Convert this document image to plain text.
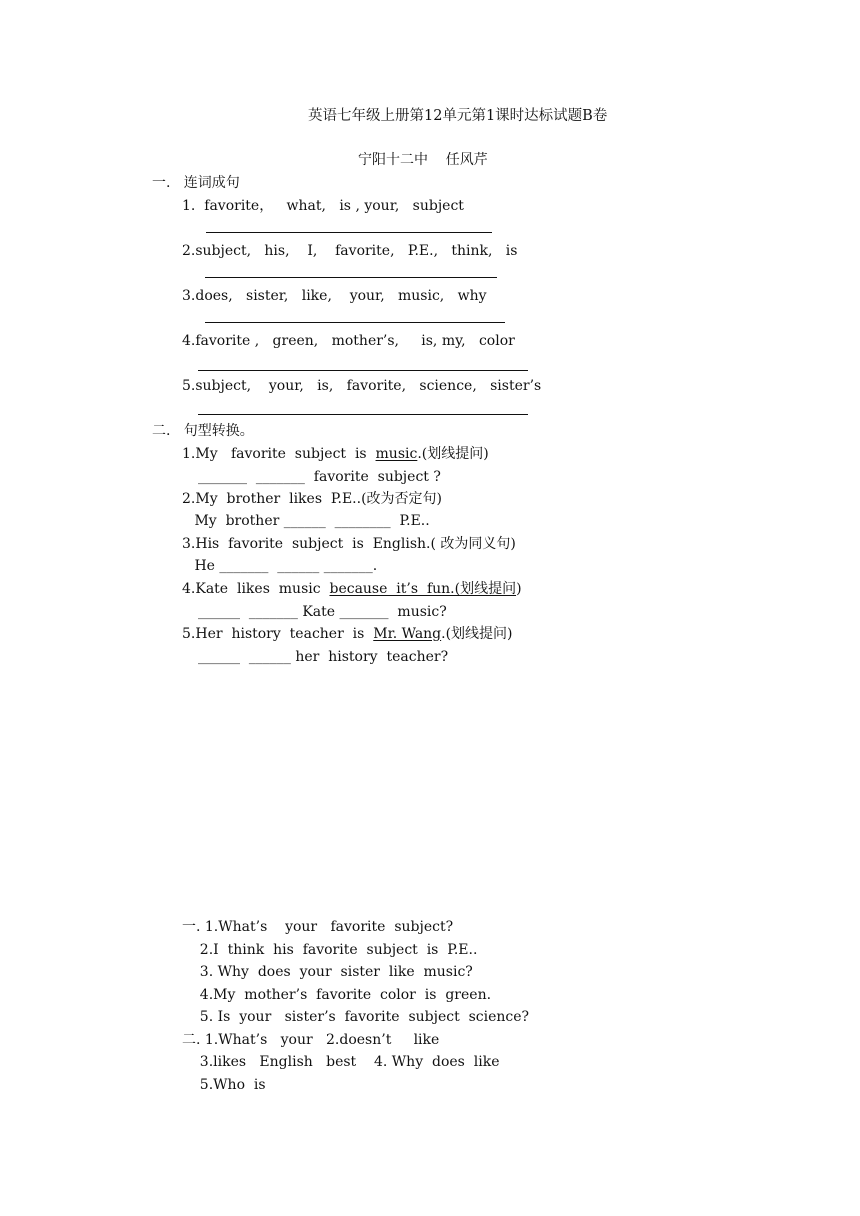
英语七年级上册第12单元第1课时达标试题B卷
宁阳十二中    任风芹
一.   连词成句
1.  favorite，   what,   is , your,   subject
2.subject,   his,    I,    favorite,   P.E.,   think,   is
3.does,   sister,   like,    your,   music,   why
4.favorite ,   green,   mother’s,     is, my,   color
5.subject,    your,   is,   favorite,   science,   sister’s
二.   句型转换。
1.My   favorite  subject  is  music.(划线提问)
_______  _______  favorite  subject ?
2.My  brother  likes  P.E..(改为否定句)
My  brother ______  ________  P.E..
3.His  favorite  subject  is  English.( 改为同义句)
He _______  ______ _______.
4.Kate  likes  music  because  it’s  fun.(划线提问)
______  _______ Kate _______  music?
5.Her  history  teacher  is  Mr. Wang.(划线提问)
______  ______ her  history  teacher?
一. 1.What’s    your   favorite  subject?
2.I  think  his  favorite  subject  is  P.E..
3. Why  does  your  sister  like  music?
4.My  mother’s  favorite  color  is  green.
5. Is  your   sister’s  favorite  subject  science?
二. 1.What’s   your   2.doesn’t     like
3.likes   English   best    4. Why  does  like
5.Who  is
